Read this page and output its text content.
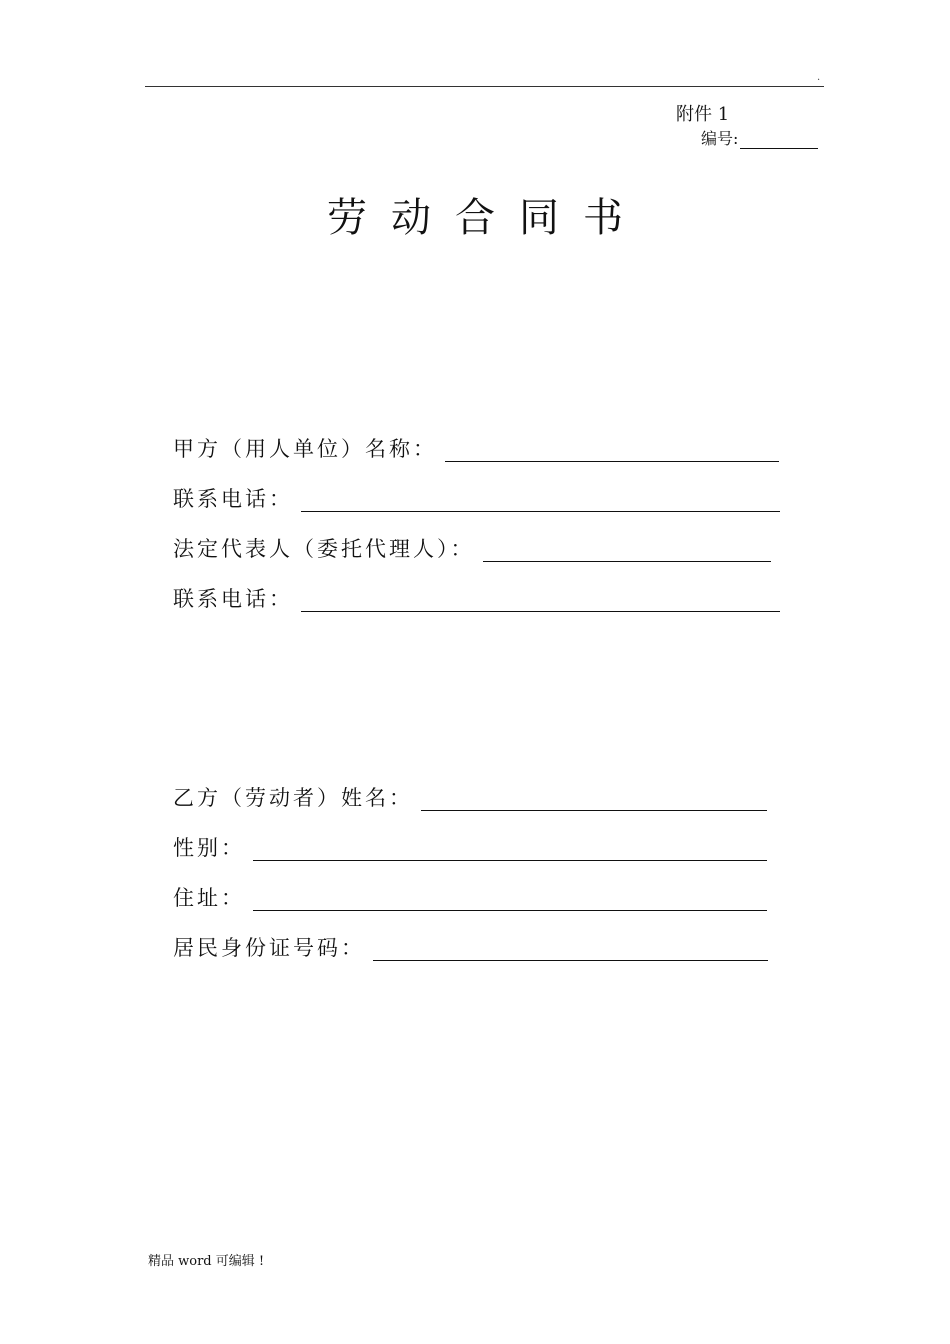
.
附件 1
编号:
劳动合同书
甲方（用人单位）名称：
联系电话：
法定代表人（委托代理人）：
联系电话：
乙方（劳动者）姓名：
性别：
住址：
居民身份证号码：
精品 word 可编辑 !
